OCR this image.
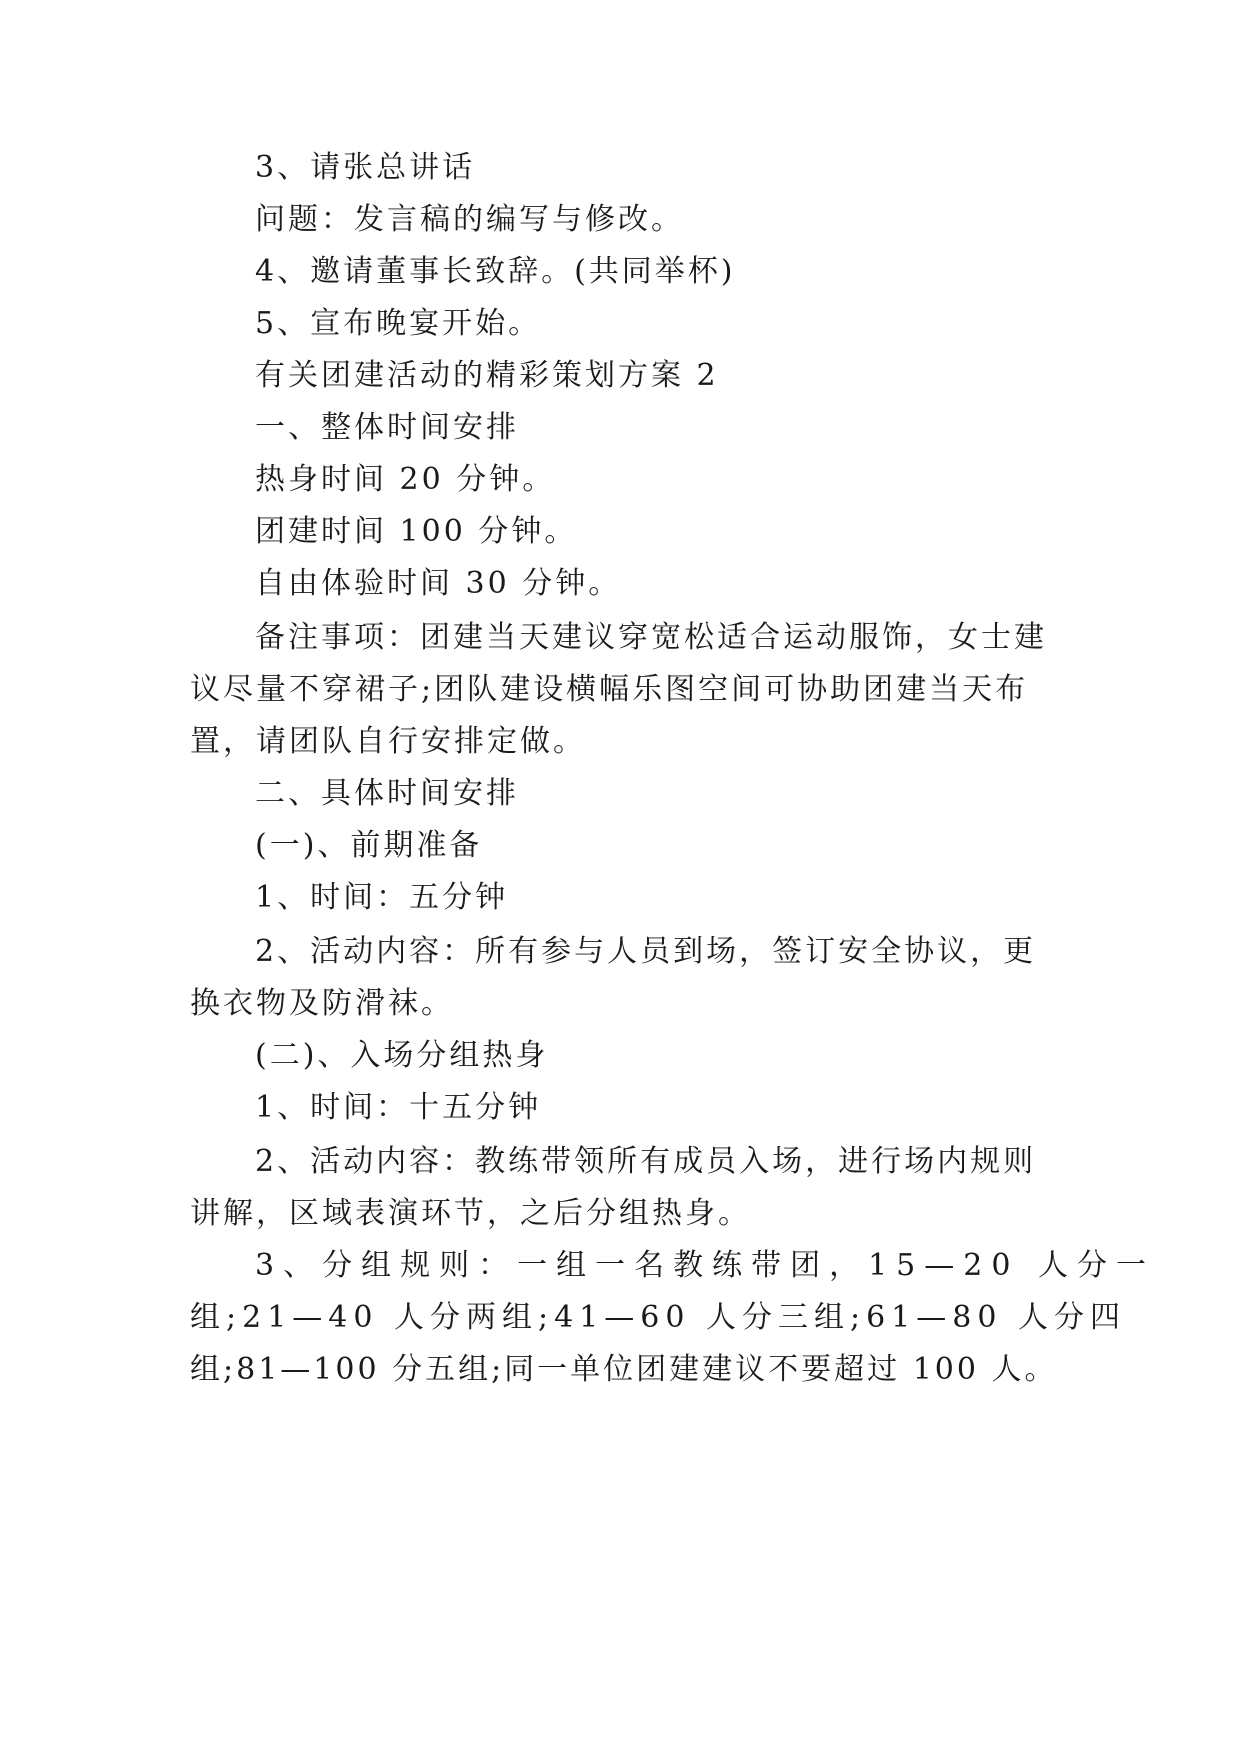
3、请张总讲话
问题：发言稿的编写与修改。
4、邀请董事长致辞。(共同举杯)
5、宣布晚宴开始。
有关团建活动的精彩策划方案 2
一、整体时间安排
热身时间 20 分钟。
团建时间 100 分钟。
自由体验时间 30 分钟。
备注事项：团建当天建议穿宽松适合运动服饰，女士建
议尽量不穿裙子;团队建设横幅乐图空间可协助团建当天布
置，请团队自行安排定做。
二、具体时间安排
(一)、前期准备
1、时间：五分钟
2、活动内容：所有参与人员到场，签订安全协议，更
换衣物及防滑袜。
(二)、入场分组热身
1、时间：十五分钟
2、活动内容：教练带领所有成员入场，进行场内规则
讲解，区域表演环节，之后分组热身。
3、分组规则：一组一名教练带团，15—20 人分一
组;21—40 人分两组;41—60 人分三组;61—80 人分四
组;81—100 分五组;同一单位团建建议不要超过 100 人。
